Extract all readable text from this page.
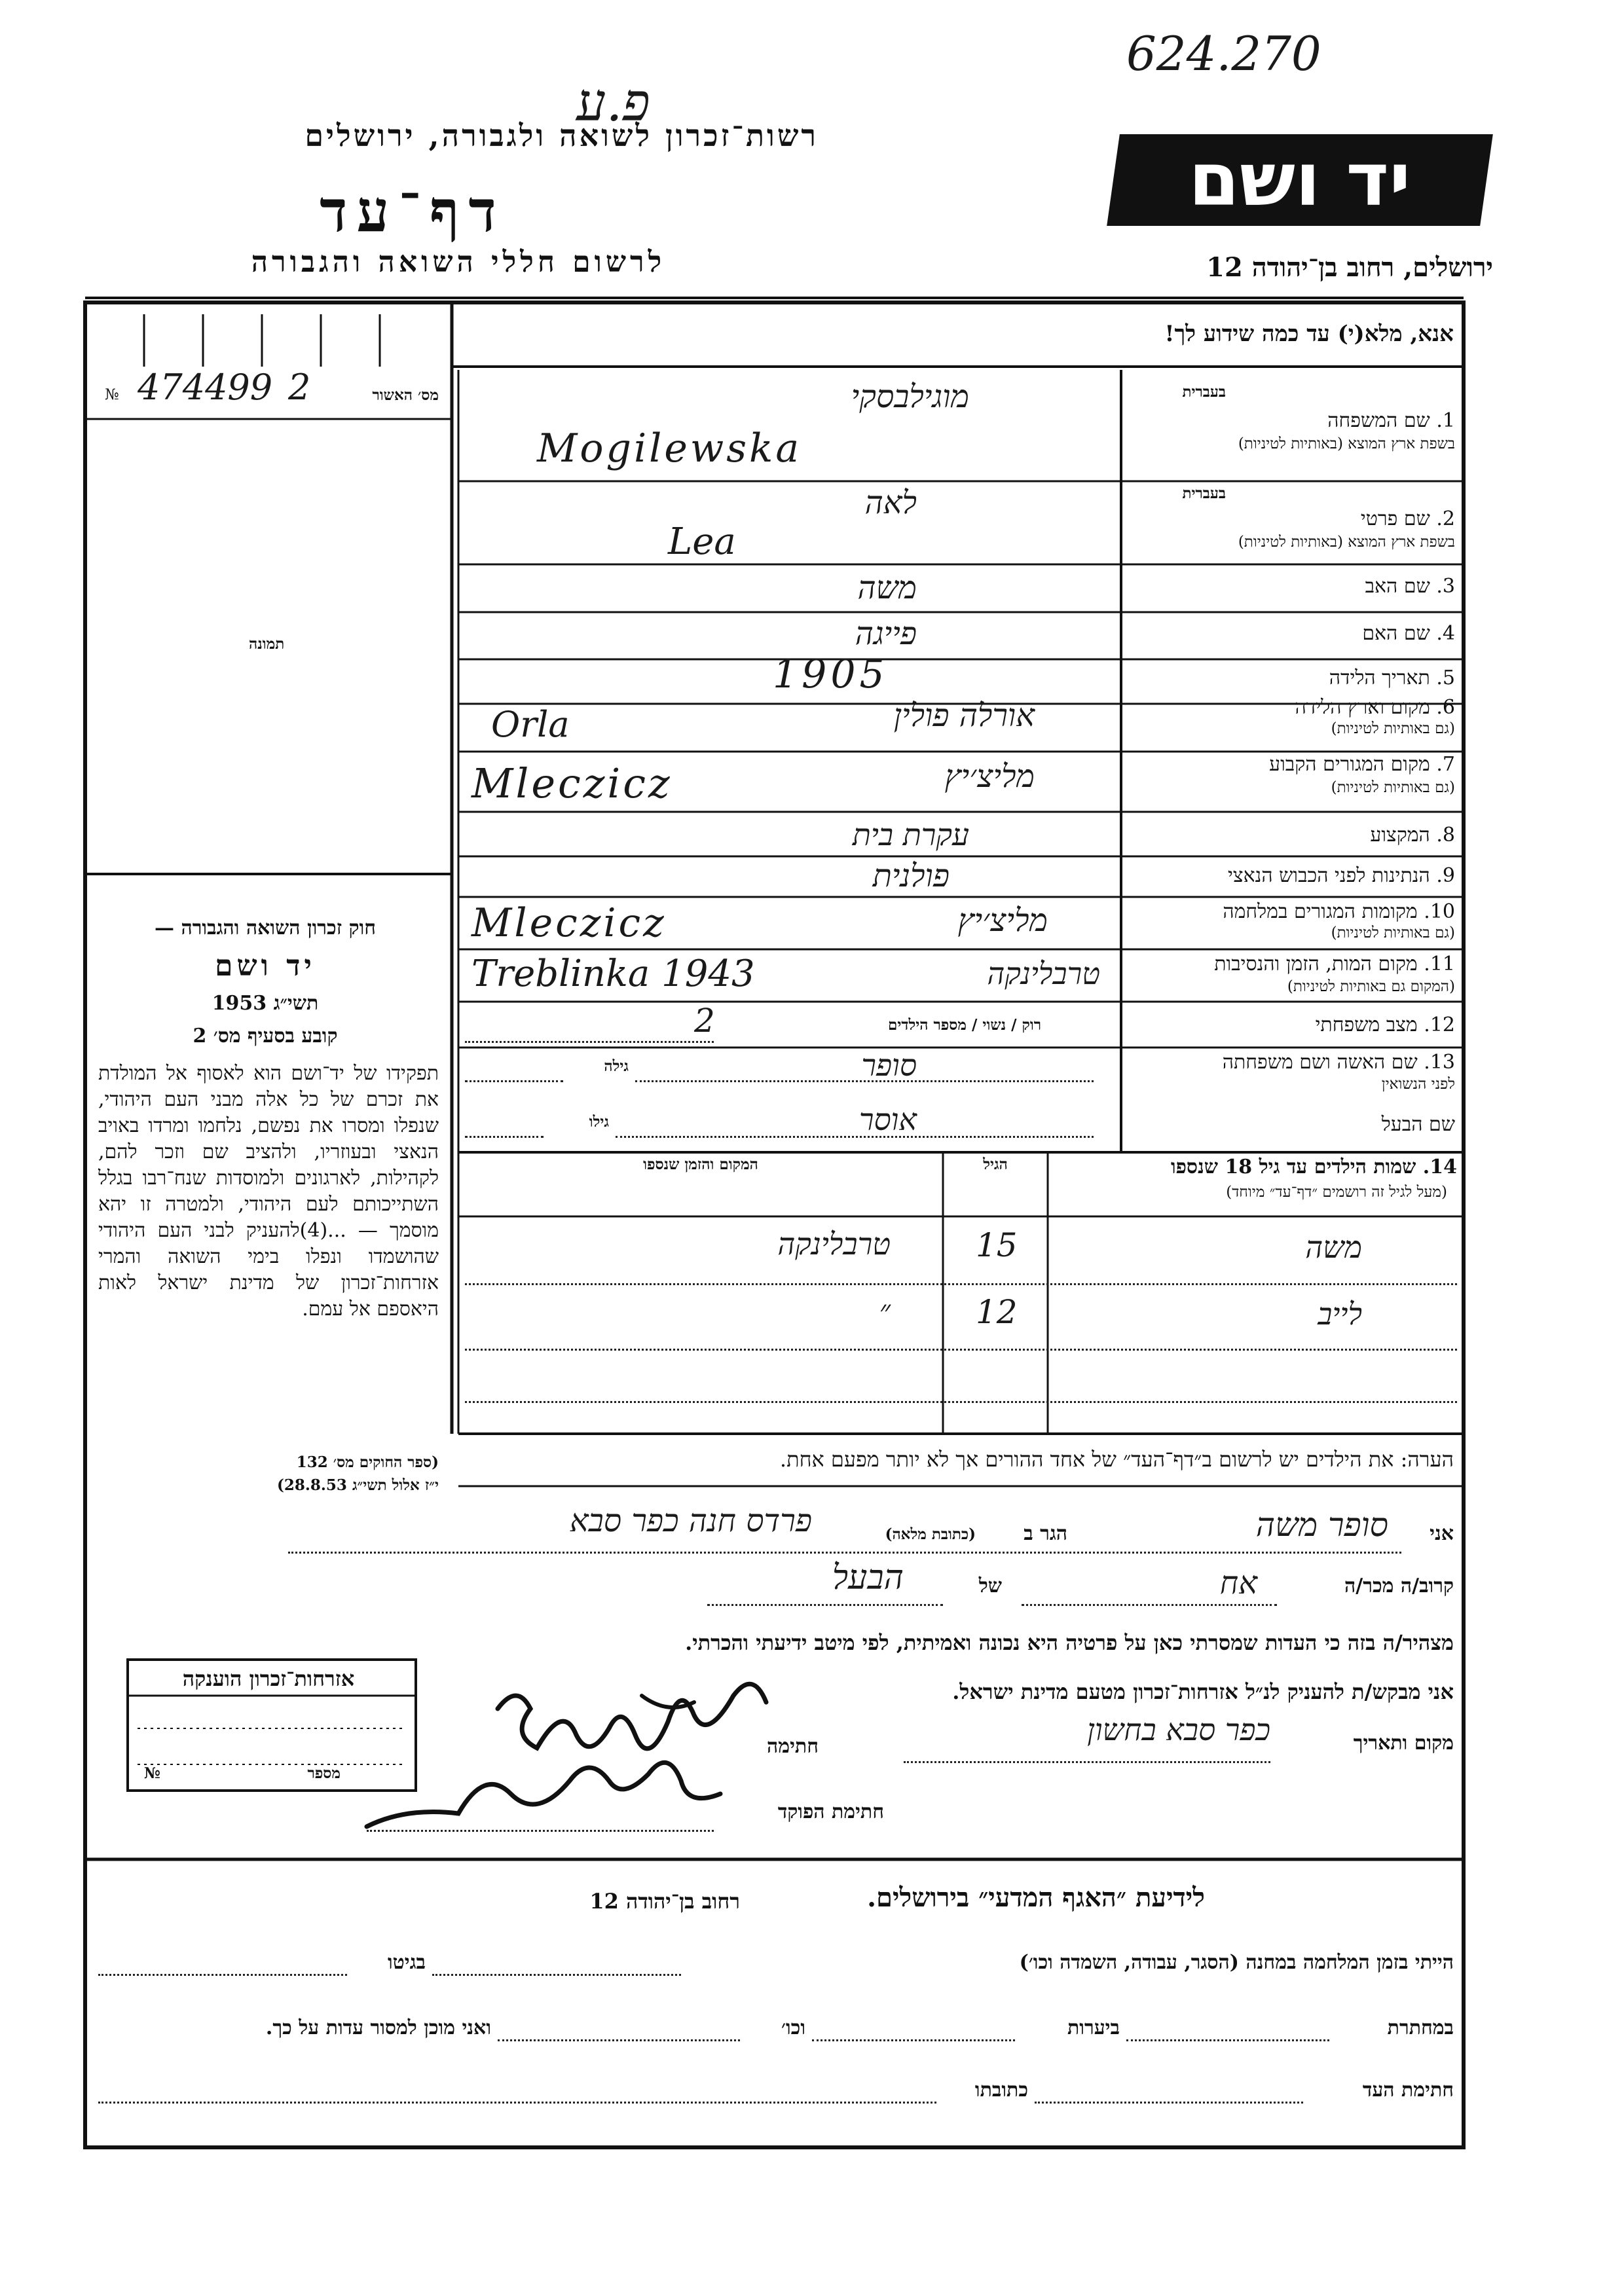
פ.ע
624.270
רשות־זכרון לשואה ולגבורה, ירושלים
יד ושם
דף־עד
לרשום חללי השואה והגבורה	ירושלים, רחוב בן־יהודה 12
אנא, מלא(י) עד כמה שידוע לך!
מס׳ האשור
№ 474499 2
תמונה
חוק זכרון השואה והגבורה —
יד ושם
תשי״ג 1953
קובע בסעיף מס׳ 2
תפקידו של יד־ושם הוא לאסוף אל המולדת את זכרם של כל אלה מבני העם היהודי, שנפלו ומסרו את נפשם, נלחמו ומרדו באויב הנאצי ובעוזריו, ולהציב שם וזכר להם, לקהילות, לארגונים ולמוסדות שנח־רבו בגלל השתייכותם לעם היהודי, ולמטרה זו יהא מוסמך — ...(4)להעניק לבני העם היהודי שהושמדו ונפלו בימי השואה והמרי אזרחות־זכרון של מדינת ישראל לאות היאספם אל עמם.
(ספר החוקים מס׳ 132
י״ז אלול תשי״ג 28.8.53)
אזרחות־זכרון הוענקה
№	מספר
בעברית
1. שם המשפחה
בשפת ארץ המוצא (באותיות לטיניות)
מוגילבסקי
Mogilewska
בעברית
2. שם פרטי
בשפת ארץ המוצא (באותיות לטיניות)
לאה
Lea
3. שם האב
משה
4. שם האם
פייגה
5. תאריך הלידה
1905
6. מקום וארץ הלידה
(גם באותיות לטיניות)
אורלה פולין
Orla
7. מקום המגורים הקבוע
(גם באותיות לטיניות)
מליצ׳יץ
Mleczicz
8. המקצוע
עקרת בית
9. הנתינות לפני הכבוש הנאצי
פולנית
10. מקומות המגורים במלחמה
(גם באותיות לטיניות)
מליצ׳יץ
Mleczicz
11. מקום המות, הזמן והנסיבות
(המקום גם באותיות לטיניות)
טרבלינקה
Treblinka 1943
12. מצב משפחתי
רוק / נשוי / מספר הילדים
2
13. שם האשה ושם משפחתה
לפני הנשואין
סופר
גילה
שם הבעל
אוסר
גילו
14. שמות הילדים עד גיל 18 שנספו
(מעל לגיל זה רושמים ״דף־עד״ מיוחד)
הגיל
המקום והזמן שנספו
משה
15
טרבלינקה
לייב
12
״
הערה: את הילדים יש לרשום ב״דף־העד״ של אחד ההורים אך לא יותר מפעם אחת.
אני
סופר משה
הגר ב
(כתובת מלאה)
פרדס חנה כפר סבא
קרוב/ה מכר/ה
אח
של
הבעל
מצהיר/ה בזה כי העדות שמסרתי כאן על פרטיה היא נכונה ואמיתית, לפי מיטב ידיעתי והכרתי.
אני מבקש/ת להעניק לנ״ל אזרחות־זכרון מטעם מדינת ישראל.
מקום ותאריך
כפר סבא בחשון
חתימה
חתימת הפוקד
לידיעת ״האגף המדעי״ בירושלים.
רחוב בן־יהודה 12
הייתי בזמן המלחמה במחנה (הסגר, עבודה, השמדה וכו׳)
בגיטו
במחתרת
ביערות
וכו׳
ואני מוכן למסור עדות על כך.
חתימת העד
כתובתו
